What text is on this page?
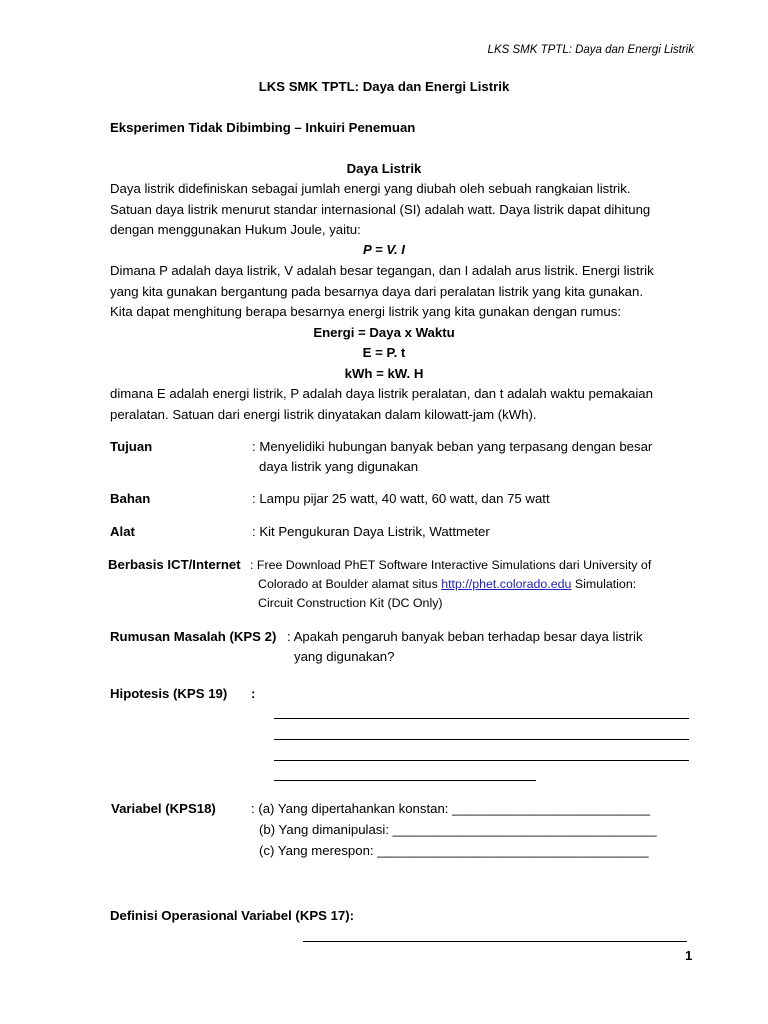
LKS SMK TPTL: Daya dan Energi Listrik
LKS SMK TPTL: Daya dan Energi Listrik
Eksperimen Tidak Dibimbing – Inkuiri Penemuan
Daya Listrik
Daya listrik didefiniskan sebagai jumlah energi yang diubah oleh sebuah rangkaian listrik.
Satuan daya listrik menurut standar internasional (SI) adalah watt. Daya listrik dapat dihitung
dengan menggunakan Hukum Joule, yaitu:
P = V. I
Dimana P adalah daya listrik, V adalah besar tegangan, dan I adalah arus listrik. Energi listrik
yang kita gunakan bergantung pada besarnya daya dari peralatan listrik yang kita gunakan.
Kita dapat menghitung berapa besarnya energi listrik yang kita gunakan dengan rumus:
Energi = Daya x Waktu
E = P. t
kWh = kW. H
dimana E adalah energi listrik, P adalah daya listrik peralatan, dan t adalah waktu pemakaian
peralatan. Satuan dari energi listrik dinyatakan dalam kilowatt-jam (kWh).
Tujuan	: Menyelidiki hubungan banyak beban yang terpasang dengan besar
daya listrik yang digunakan
Bahan	: Lampu pijar 25 watt, 40 watt, 60 watt, dan 75 watt
Alat	: Kit Pengukuran Daya Listrik, Wattmeter
Berbasis ICT/Internet : Free Download PhET Software Interactive Simulations dari University of
Colorado at Boulder alamat situs http://phet.colorado.edu Simulation:
Circuit Construction Kit (DC Only)
Rumusan Masalah (KPS 2) : Apakah pengaruh banyak beban terhadap besar daya listrik
yang digunakan?
Hipotesis (KPS 19) :
Variabel (KPS18)	: (a) Yang dipertahankan konstan: ___________________________
(b) Yang dimanipulasi: ____________________________________
(c) Yang merespon: _____________________________________
Definisi Operasional Variabel (KPS 17):
1
